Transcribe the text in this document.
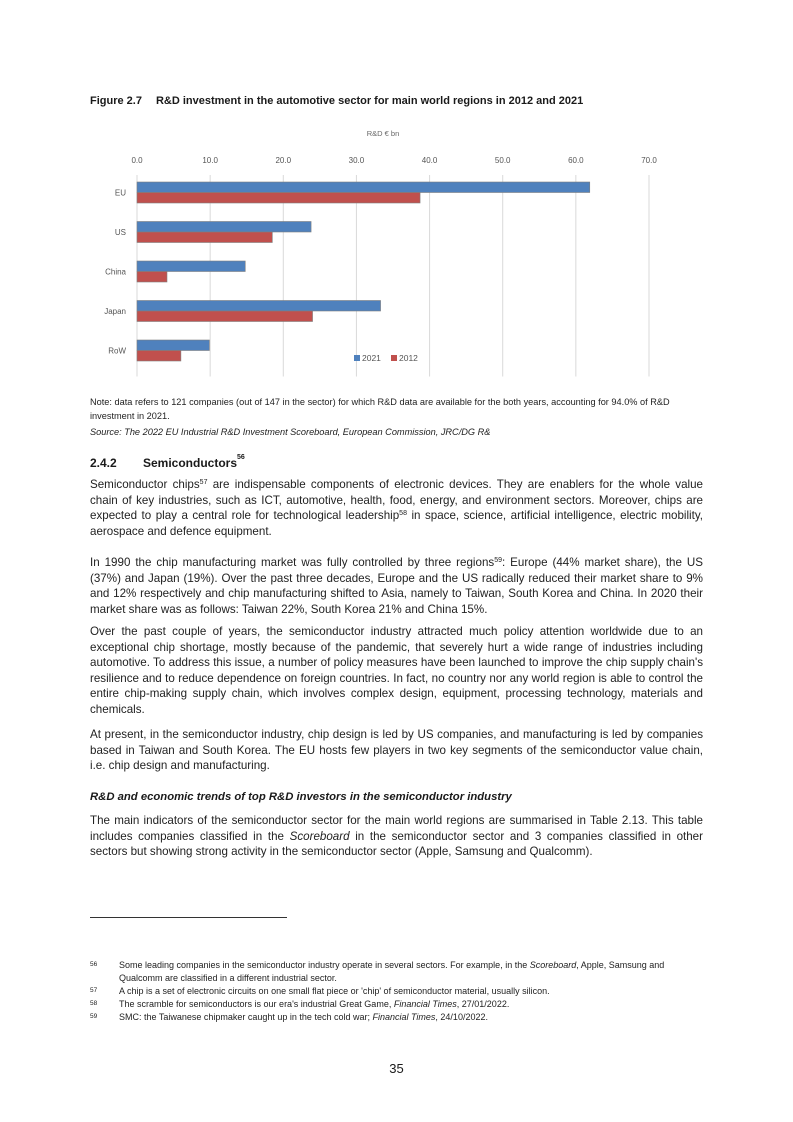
Figure 2.7 R&D investment in the automotive sector for main world regions in 2012 and 2021
R&D € bn
0.0	10.0	20.0	30.0	40.0	50.0	60.0	70.0
EU
US
China
Japan
RoW
2021 2012
Note: data refers to 121 companies (out of 147 in the sector) for which R&D data are available for the both years, accounting for 94.0% of R&D investment in 2021.
Source: The 2022 EU Industrial R&D Investment Scoreboard, European Commission, JRC/DG R&
2.4.2 Semiconductors$^{56}$
Semiconductor chips$^{57}$ are indispensable components of electronic devices. They are enablers for the whole value chain of key industries, such as ICT, automotive, health, food, energy, and environment sectors. Moreover, chips are expected to play a central role for technological leadership$^{58}$ in space, science, artificial intelligence, electric mobility, aerospace and defence equipment.
In 1990 the chip manufacturing market was fully controlled by three regions$^{59}$: Europe (44% market share), the US (37%) and Japan (19%). Over the past three decades, Europe and the US radically reduced their market share to 9% and 12% respectively and chip manufacturing shifted to Asia, namely to Taiwan, South Korea and China. In 2020 their market share was as follows: Taiwan 22%, South Korea 21% and China 15%.
Over the past couple of years, the semiconductor industry attracted much policy attention worldwide due to an exceptional chip shortage, mostly because of the pandemic, that severely hurt a wide range of industries including automotive. To address this issue, a number of policy measures have been launched to improve the chip supply chain's resilience and to reduce dependence on foreign countries. In fact, no country nor any world region is able to control the entire chip-making supply chain, which involves complex design, equipment, processing technology, materials and chemicals.
At present, in the semiconductor industry, chip design is led by US companies, and manufacturing is led by companies based in Taiwan and South Korea. The EU hosts few players in two key segments of the semiconductor value chain, i.e. chip design and manufacturing.
R&D and economic trends of top R&D investors in the semiconductor industry
The main indicators of the semiconductor sector for the main world regions are summarised in Table 2.13. This table includes companies classified in the Scoreboard in the semiconductor sector and 3 companies classified in other sectors but showing strong activity in the semiconductor sector (Apple, Samsung and Qualcomm).
56 Some leading companies in the semiconductor industry operate in several sectors. For example, in the Scoreboard, Apple, Samsung and Qualcomm are classified in a different industrial sector.
57 A chip is a set of electronic circuits on one small flat piece or 'chip' of semiconductor material, usually silicon.
58 The scramble for semiconductors is our era's industrial Great Game, Financial Times, 27/01/2022.
59 SMC: the Taiwanese chipmaker caught up in the tech cold war; Financial Times, 24/10/2022.
35
